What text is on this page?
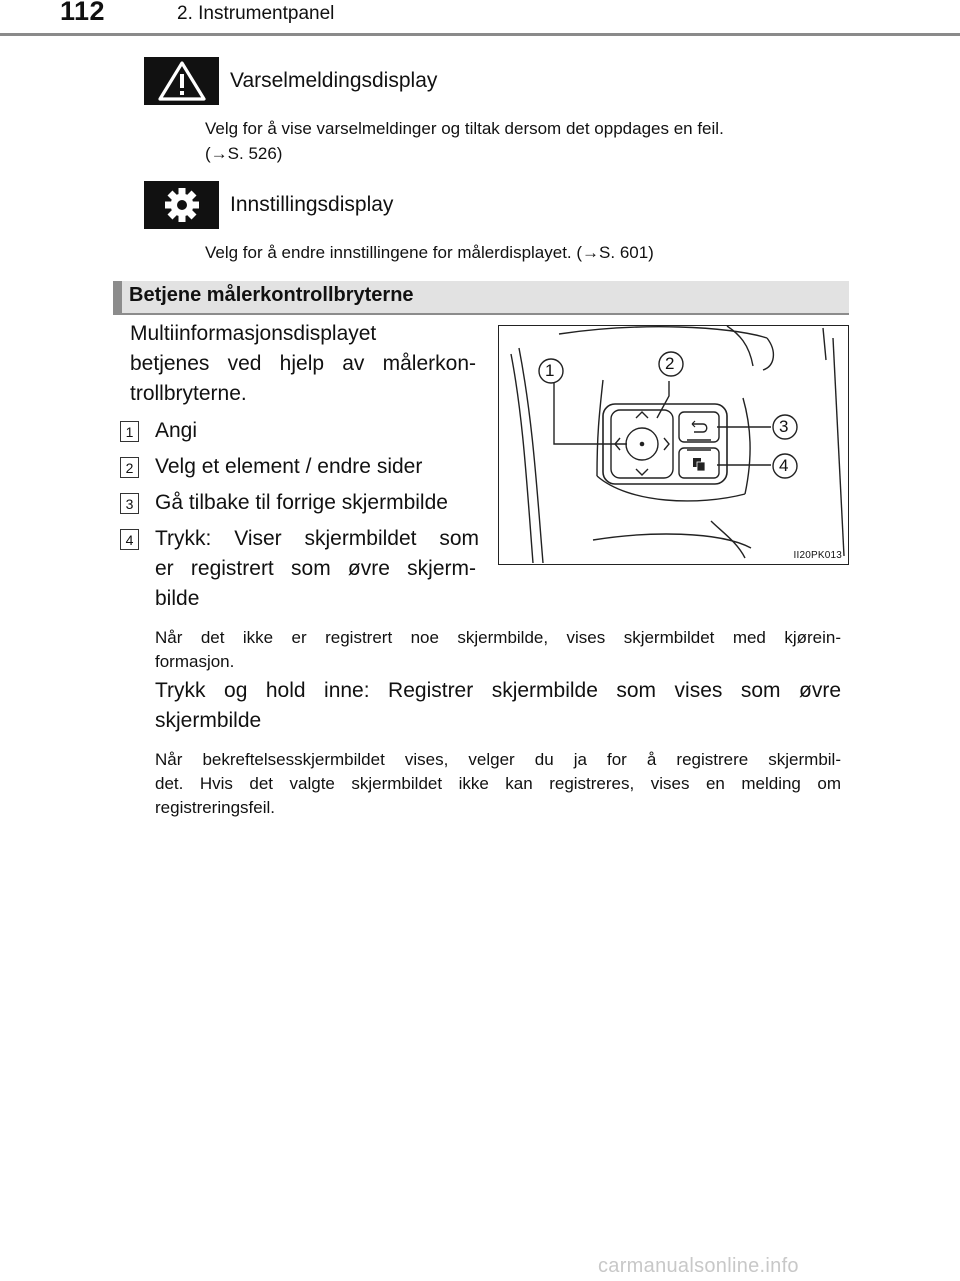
112	2. Instrumentpanel
Varselmeldingsdisplay
Velg for å vise varselmeldinger og tiltak dersom det oppdages en feil.
(→S. 526)
Innstillingsdisplay
Velg for å endre innstillingene for målerdisplayet. (→S. 601)
Betjene målerkontrollbryterne
Multiinformasjonsdisplayet
betjenes ved hjelp av målerkon-
trollbryterne.
1 Angi
2 Velg et element / endre sider
3 Gå tilbake til forrige skjermbilde
4 Trykk: Viser skjermbildet som
er registrert som øvre skjerm-
bilde
Når det ikke er registrert noe skjermbilde, vises skjermbildet med kjørein-
formasjon.
Trykk og hold inne: Registrer skjermbilde som vises som øvre
skjermbilde
Når bekreftelsesskjermbildet vises, velger du ja for å registrere skjermbil-
det. Hvis det valgte skjermbildet ikke kan registreres, vises en melding om
registreringsfeil.
1	2
3
4
II20PK013
carmanualsonline.info
